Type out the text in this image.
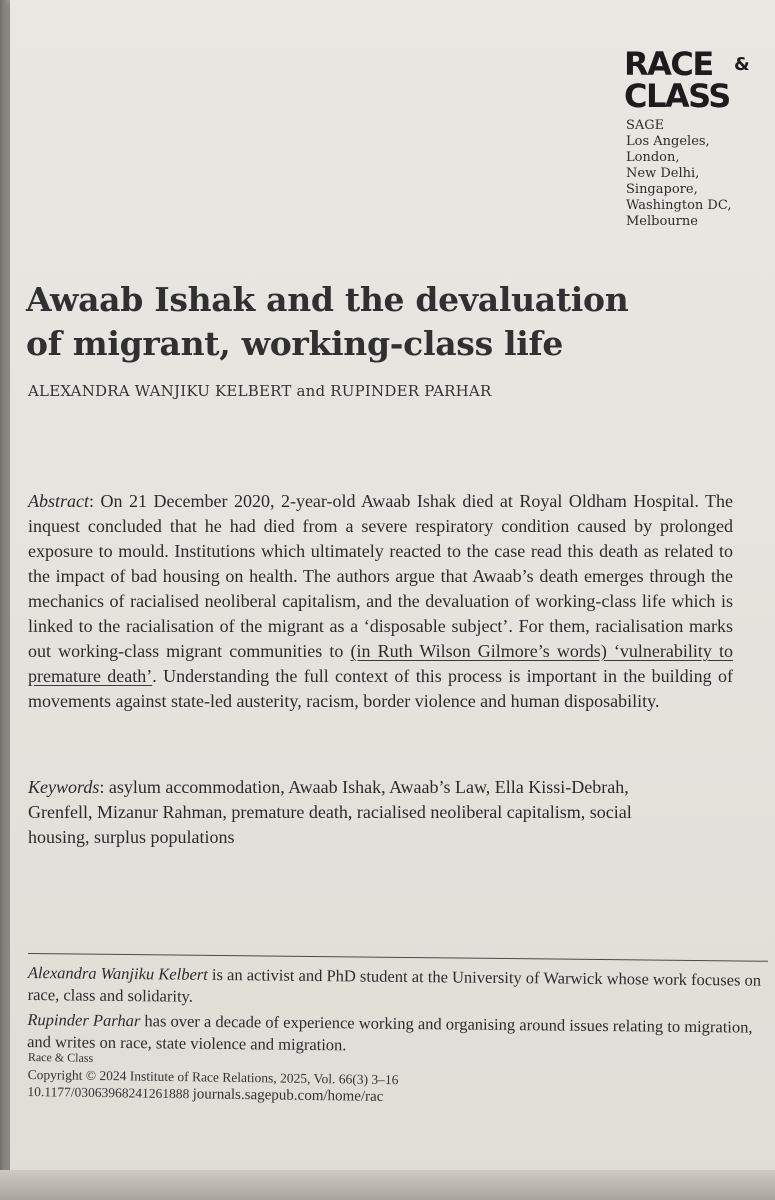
RACE	&
CLASS
SAGE
Los Angeles,
London,
New Delhi,
Singapore,
Washington DC,
Melbourne
Awaab Ishak and the devaluation
of migrant, working-class life
ALEXANDRA WANJIKU KELBERT and RUPINDER PARHAR
Abstract: On 21 December 2020, 2-year-old Awaab Ishak died at Royal Oldham Hospital. The inquest concluded that he had died from a severe respiratory condition caused by prolonged exposure to mould. Institutions which ultimately reacted to the case read this death as related to the impact of bad housing on health. The authors argue that Awaab’s death emerges through the mechanics of racialised neoliberal capitalism, and the devaluation of working-class life which is linked to the racialisation of the migrant as a ‘disposable subject’. For them, racialisation marks out working-class migrant communities to (in Ruth Wilson Gilmore’s words) ‘vulnerability to premature death’. Understanding the full context of this process is important in the building of movements against state-led austerity, racism, border violence and human disposability.
Keywords: asylum accommodation, Awaab Ishak, Awaab’s Law, Ella Kissi-Debrah, Grenfell, Mizanur Rahman, premature death, racialised neoliberal capitalism, social housing, surplus populations

Alexandra Wanjiku Kelbert is an activist and PhD student at the University of Warwick whose work focuses on race, class and solidarity.

Rupinder Parhar has over a decade of experience working and organising around issues relating to migration, and writes on race, state violence and migration.

Race & Class
Copyright © 2024 Institute of Race Relations, 2025, Vol. 66(3) 3–16
10.1177/03063968241261888 journals.sagepub.com/home/rac
